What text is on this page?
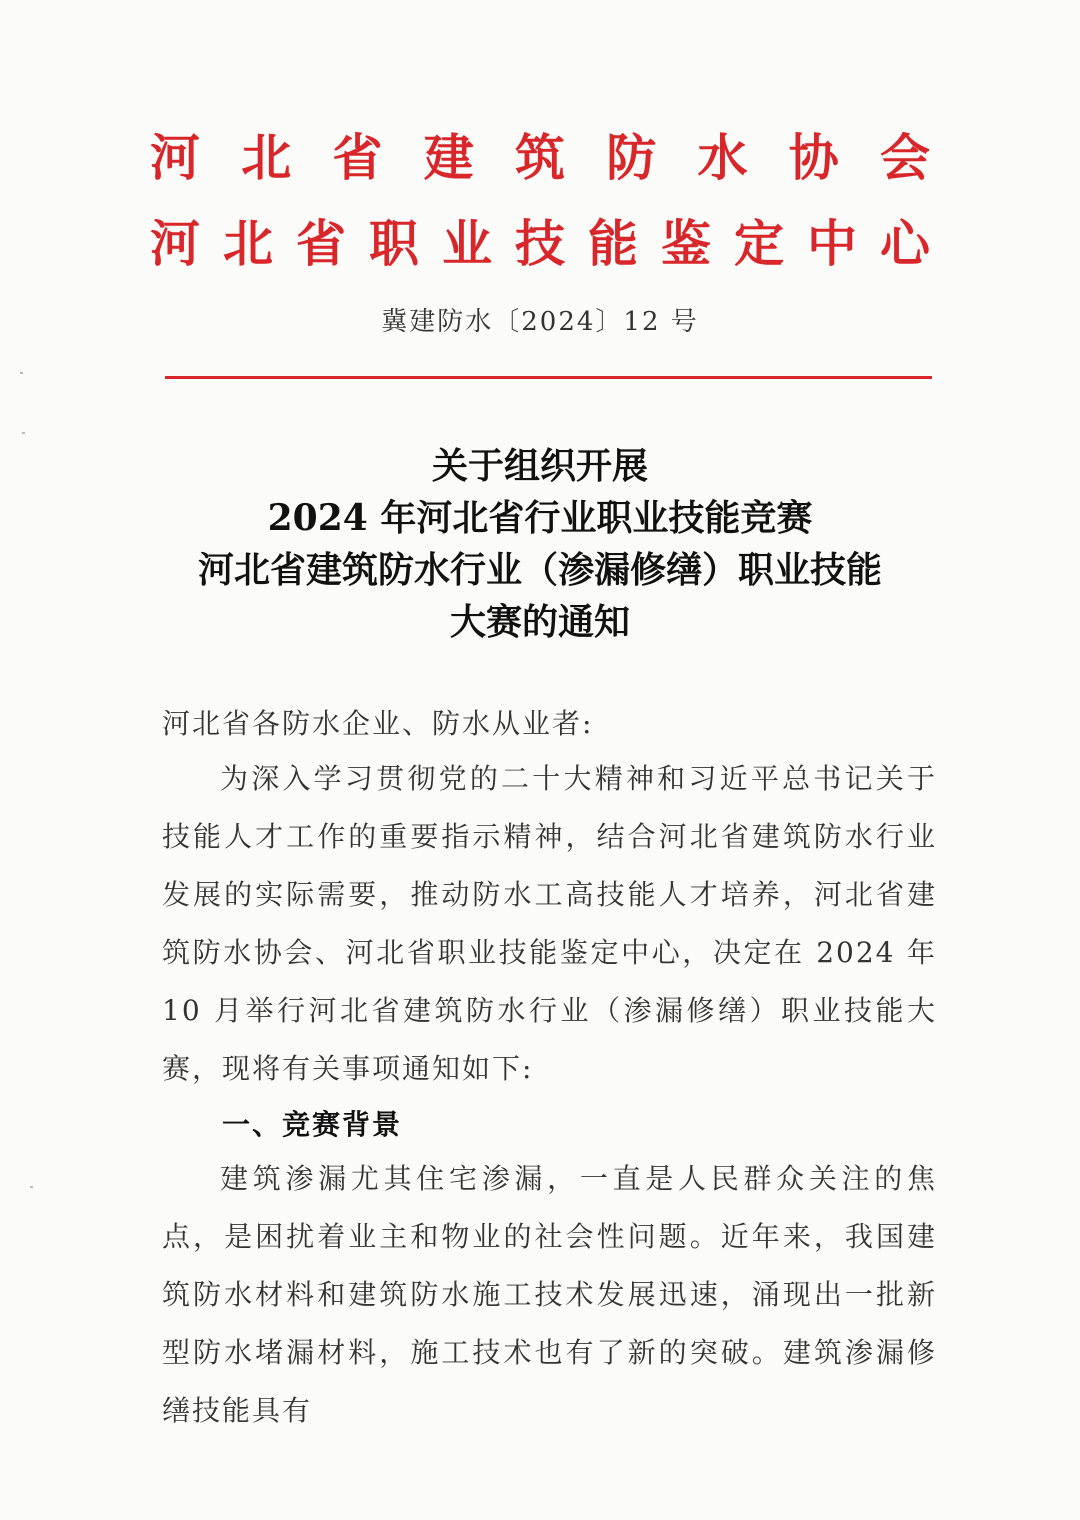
河 北 省 建 筑 防 水 协 会
河北省职业技能鉴定中心
冀建防水〔2024〕12 号
关于组织开展
2024 年河北省行业职业技能竞赛
河北省建筑防水行业（渗漏修缮）职业技能
大赛的通知
河北省各防水企业、防水从业者:
为深入学习贯彻党的二十大精神和习近平总书记关于技能人才工作的重要指示精神，结合河北省建筑防水行业发展的实际需要，推动防水工高技能人才培养，河北省建筑防水协会、河北省职业技能鉴定中心，决定在 2024 年 10 月举行河北省建筑防水行业（渗漏修缮）职业技能大赛，现将有关事项通知如下:
一、竞赛背景
建筑渗漏尤其住宅渗漏，一直是人民群众关注的焦点，是困扰着业主和物业的社会性问题。近年来，我国建筑防水材料和建筑防水施工技术发展迅速，涌现出一批新型防水堵漏材料，施工技术也有了新的突破。建筑渗漏修缮技能具有
